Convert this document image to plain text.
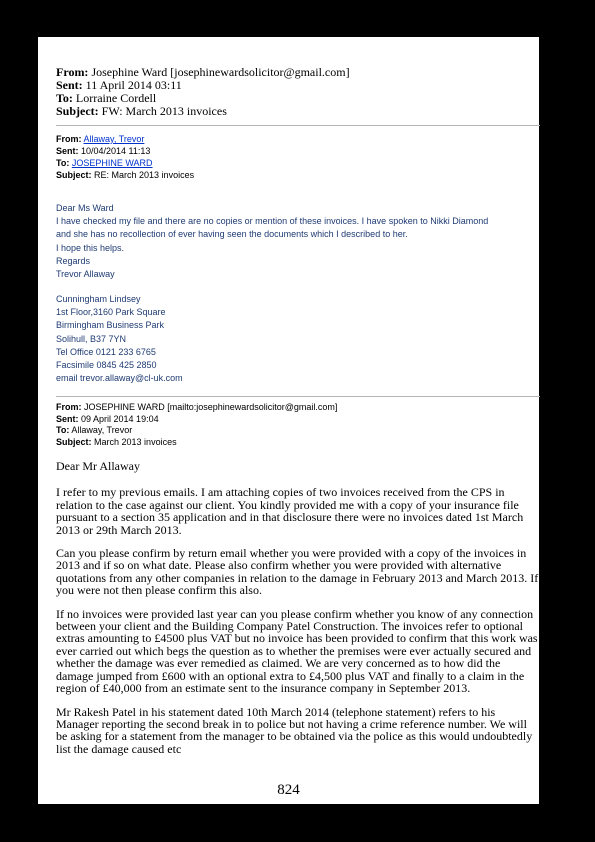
From: Josephine Ward [josephinewardsolicitor@gmail.com]
Sent: 11 April 2014 03:11
To: Lorraine Cordell
Subject: FW: March 2013 invoices
From: Allaway, Trevor
Sent: 10/04/2014 11:13
To: JOSEPHINE WARD
Subject: RE: March 2013 invoices
Dear Ms Ward
I have checked my file and there are no copies or mention of these invoices. I have spoken to Nikki Diamond
and she has no recollection of ever having seen the documents which I described to her.
I hope this helps.
Regards
Trevor Allaway
Cunningham Lindsey
1st Floor,3160 Park Square
Birmingham Business Park
Solihull, B37 7YN
Tel Office 0121 233 6765
Facsimile 0845 425 2850
email trevor.allaway@cl-uk.com
From: JOSEPHINE WARD [mailto:josephinewardsolicitor@gmail.com]
Sent: 09 April 2014 19:04
To: Allaway, Trevor
Subject: March 2013 invoices

Dear Mr Allaway

I refer to my previous emails. I am attaching copies of two invoices received from the CPS in relation to the case against our client. You kindly provided me with a copy of your insurance file pursuant to a section 35 application and in that disclosure there were no invoices dated 1st March 2013 or 29th March 2013.

Can you please confirm by return email whether you were provided with a copy of the invoices in 2013 and if so on what date. Please also confirm whether you were provided with alternative quotations from any other companies in relation to the damage in February 2013 and March 2013. If you were not then please confirm this also.

If no invoices were provided last year can you please confirm whether you know of any connection between your client and the Building Company Patel Construction. The invoices refer to optional extras amounting to £4500 plus VAT but no invoice has been provided to confirm that this work was ever carried out which begs the question as to whether the premises were ever actually secured and whether the damage was ever remedied as claimed. We are very concerned as to how did the damage jumped from £600 with an optional extra to £4,500 plus VAT and finally to a claim in the region of £40,000 from an estimate sent to the insurance company in September 2013.

Mr Rakesh Patel in his statement dated 10th March 2014 (telephone statement) refers to his Manager reporting the second break in to police but not having a crime reference number. We will be asking for a statement from the manager to be obtained via the police as this would undoubtedly list the damage caused etc

824
